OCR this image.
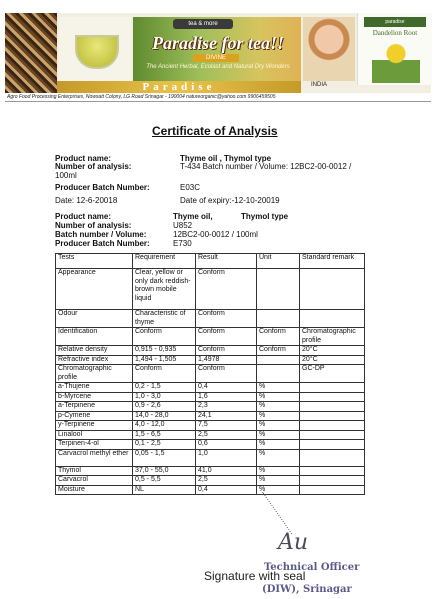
tea & more
Paradise for tea!!
DIVINE
The Ancient Herbal, Ecolast and Natural Dry Wonders
paradise
Dandelion Root
Paradise	INDIA
Agro Food Processing Enterprises, Nowsatt Colony, LG Road Srinagar - 190004 natureorganic@yahoo.com 9906459505
Certificate of Analysis
Product name:	Thyme oil , Thymol type
Number of analysis:	T-434 Batch number / Volume: 12BC2-00-0012 /
100ml
Producer Batch Number:	E03C
Date: 12-6-20018	Date of expiry:-12-10-20019
Product name:	Thyme oil,	Thymol type
Number of analysis:	U852
Batch number / Volume:	12BC2-00-0012 / 100ml
Producer Batch Number:	E730
Tests	Requirement	Result	Unit	Standard remark
Appearance	Clear, yellow or only dark reddish-brown mobile liquid	Conform		
Odour	Characteristic of thyme	Conform		
Identification	Conform	Conform	Conform	Chromatographic profile
Relative density	0,915 - 0,935	Conform	Conform	20°C
Refractive index	1,494 - 1,505	1,4978		20°C
Chromatographic profile	Conform	Conform		GC-DP
a-Thujene	0,2 - 1,5	0,4	%	
b-Myrcene	1,0 - 3,0	1,6	%	
a-Terpinene	0,9 - 2,6	2,3	%	
p-Cymene	14,0 - 28,0	24,1	%	
y-Terpinene	4,0 - 12,0	7,5	%	
Linalool	1,5 - 6,5	2,5	%	
Terpinen-4-ol	0,1 - 2,5	0,6	%	
Carvacrol methyl ether	0,05 - 1,5	1,0	%	
Thymol	37,0 - 55,0	41,0	%	
Carvacrol	0,5 - 5,5	2,5	%	
Moisture	NL	0,4	%	
Au
Technical Officer
(DIW), Srinagar
Signature with seal
